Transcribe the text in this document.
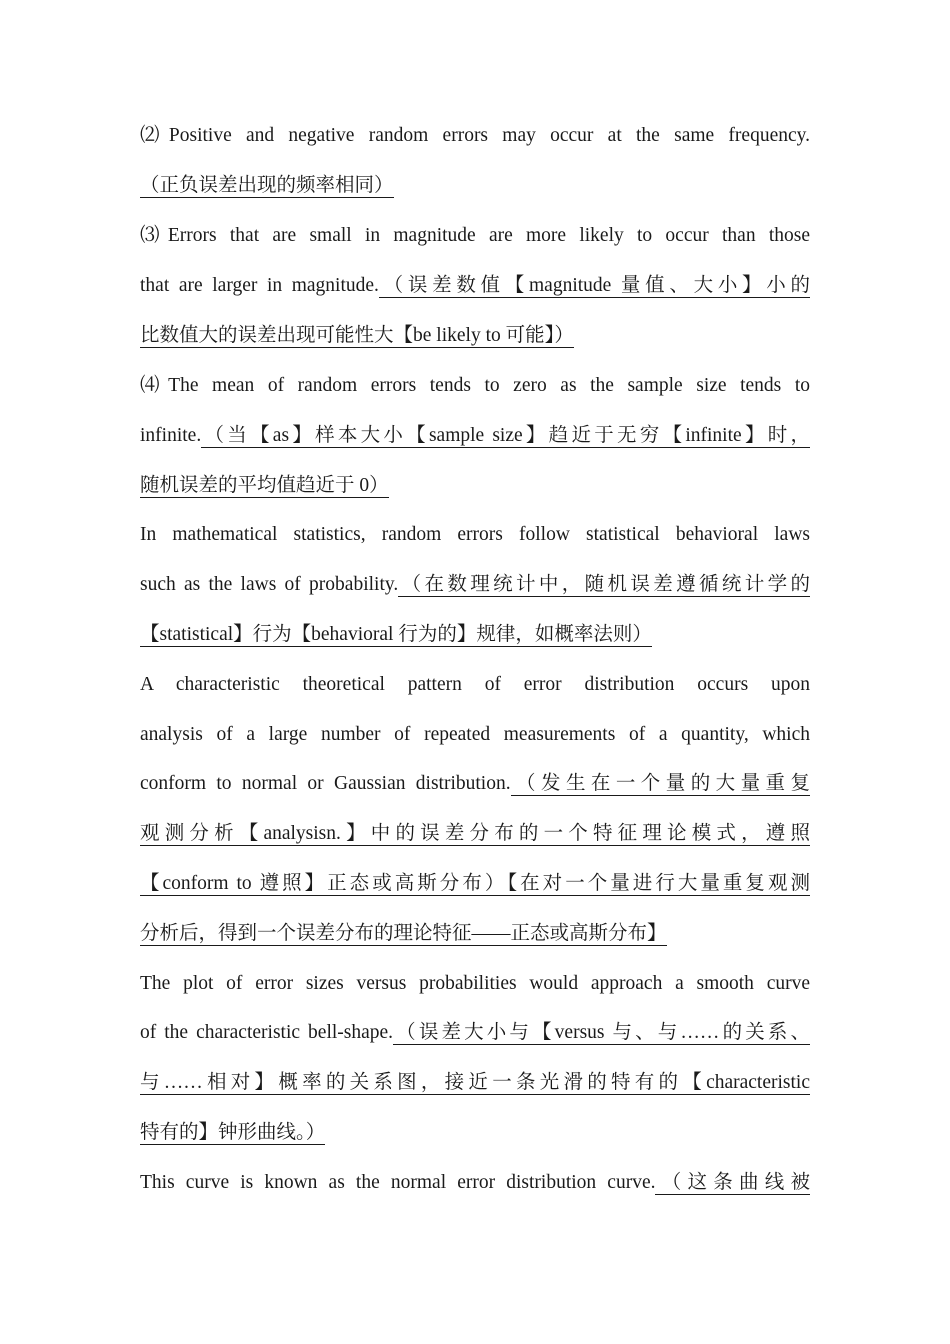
⑵Positive and negative random errors may occur at the same frequency.
（正负误差出现的频率相同）
⑶Errors that are small in magnitude are more likely to occur than those
that are larger in magnitude.（误差数值【magnitude 量值、大小】小的
比数值大的误差出现可能性大【be likely to 可能】）
⑷The mean of random errors tends to zero as the sample size tends to
infinite.（当【as】样本大小【sample size】趋近于无穷【infinite】时，
随机误差的平均值趋近于 0）
In mathematical statistics, random errors follow statistical behavioral laws
such as the laws of probability.（在数理统计中，随机误差遵循统计学的
【statistical】行为【behavioral 行为的】规律，如概率法则）
A characteristic theoretical pattern of error distribution occurs upon
analysis of a large number of repeated measurements of a quantity, which
conform to normal or Gaussian distribution.（发生在一个量的大量重复
观测分析【analysisn.】中的误差分布的一个特征理论模式，遵照
【conform to 遵照】正态或高斯分布）【在对一个量进行大量重复观测
分析后，得到一个误差分布的理论特征——正态或高斯分布】
The plot of error sizes versus probabilities would approach a smooth curve
of the characteristic bell-shape.（误差大小与【versus 与、与……的关系、
与……相对】概率的关系图，接近一条光滑的特有的【characteristic
特有的】钟形曲线。）
This curve is known as the normal error distribution curve.（这条曲线被
